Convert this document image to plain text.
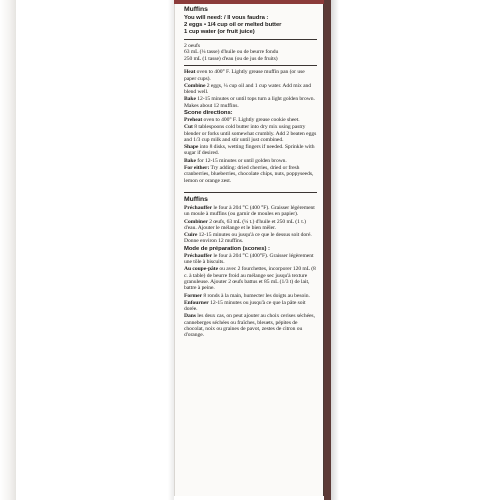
Muffins
You will need: / Il vous faudra :
2 eggs • 1/4 cup oil or melted butter
1 cup water (or fruit juice)
2 oeufs
63 mL (¼ tasse) d'huile ou de beurre fondu
250 mL (1 tasse) d'eau (ou de jus de fruits)

Heat oven to 400° F. Lightly grease muffin pan (or use paper cups).

Combine 2 eggs, ¼ cup oil and 1 cup water. Add mix and blend well.

Bake 12-15 minutes or until tops turn a light golden brown. Makes about 12 muffins.

Scone directions:

Preheat oven to 400° F. Lightly grease cookie sheet.

Cut 8 tablespoons cold butter into dry mix using pastry blender or forks until somewhat crumbly. Add 2 beaten eggs and 1/3 cup milk and stir until just combined.

Shape into 8 disks, wetting fingers if needed. Sprinkle with sugar if desired.

Bake for 12-15 minutes or until golden brown.

For either: Try adding: dried cherries, dried or fresh cranberries, blueberries, chocolate chips, nuts, poppyseeds, lemon or orange zest.

Muffins

Préchauffer le four à 204 °C (400 °F). Graisser légèrement un moule à muffins (ou garnir de moules en papier).

Combiner 2 œufs, 63 mL (¼ t.) d'huile et 250 mL (1 t.) d'eau. Ajouter le mélange et le bien mêler.

Cuire 12-15 minutes ou jusqu'à ce que le dessus soit doré. Donne environ 12 muffins.

Mode de préparation (scones) :

Préchauffer le four à 204 °C (400°F). Graisser légèrement une tôle à biscuits.

Au coupe-pâte ou avec 2 fourchettes, incorporer 120 mL (8 c. à table) de beurre froid au mélange sec jusqu'à texture granuleuse. Ajouter 2 œufs battus et 85 mL (1/3 t) de lait, battre à peine.

Former 8 ronds à la main, humecter les doigts au besoin.

Enfourner 12-15 minutes ou jusqu'à ce que la pâte soit dorée.

Dans les deux cas, on peut ajouter au choix cerises séchées, canneberges séchées ou fraîches, bleuets, pépites de chocolat, noix ou graines de pavot, zestes de citron ou d'orange.
